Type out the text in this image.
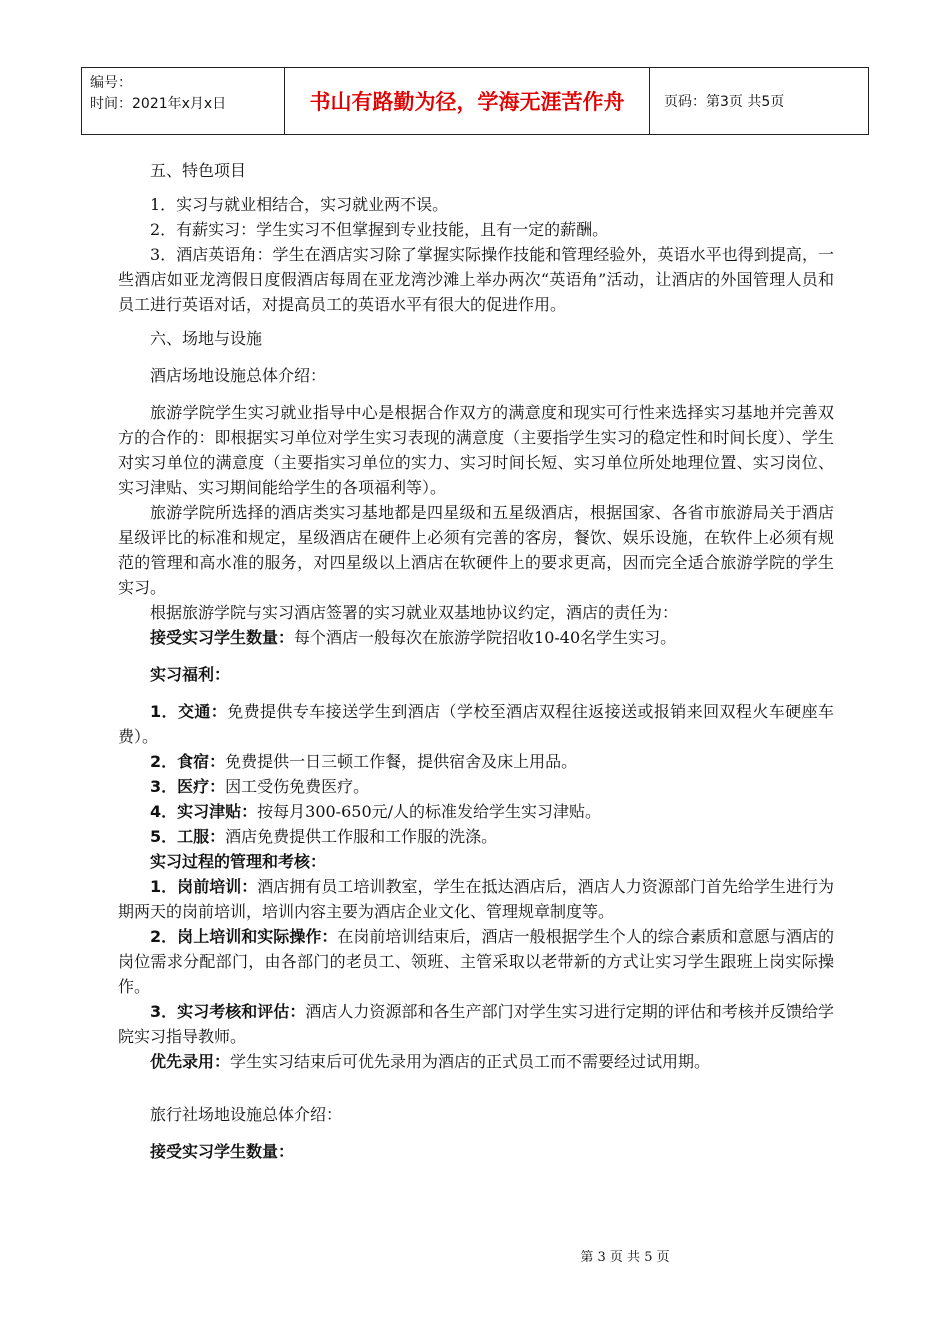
编号：
时间：2021年x月x日	书山有路勤为径，学海无涯苦作舟	页码：第3页 共5页

五、特色项目

1．实习与就业相结合，实习就业两不误。

2．有薪实习：学生实习不但掌握到专业技能，且有一定的薪酬。

3．酒店英语角：学生在酒店实习除了掌握实际操作技能和管理经验外，英语水平也得到提高，一些酒店如亚龙湾假日度假酒店每周在亚龙湾沙滩上举办两次“英语角”活动，让酒店的外国管理人员和员工进行英语对话，对提高员工的英语水平有很大的促进作用。

六、场地与设施

酒店场地设施总体介绍：

旅游学院学生实习就业指导中心是根据合作双方的满意度和现实可行性来选择实习基地并完善双方的合作的：即根据实习单位对学生实习表现的满意度（主要指学生实习的稳定性和时间长度）、学生对实习单位的满意度（主要指实习单位的实力、实习时间长短、实习单位所处地理位置、实习岗位、实习津贴、实习期间能给学生的各项福利等）。

旅游学院所选择的酒店类实习基地都是四星级和五星级酒店，根据国家、各省市旅游局关于酒店星级评比的标准和规定，星级酒店在硬件上必须有完善的客房，餐饮、娱乐设施，在软件上必须有规范的管理和高水准的服务，对四星级以上酒店在软硬件上的要求更高，因而完全适合旅游学院的学生实习。

根据旅游学院与实习酒店签署的实习就业双基地协议约定，酒店的责任为：

接受实习学生数量：每个酒店一般每次在旅游学院招收10-40名学生实习。

实习福利：

1．交通：免费提供专车接送学生到酒店（学校至酒店双程往返接送或报销来回双程火车硬座车费）。

2．食宿：免费提供一日三顿工作餐，提供宿舍及床上用品。

3．医疗：因工受伤免费医疗。

4．实习津贴：按每月300-650元/人的标准发给学生实习津贴。

5．工服：酒店免费提供工作服和工作服的洗涤。

实习过程的管理和考核：

1．岗前培训：酒店拥有员工培训教室，学生在抵达酒店后，酒店人力资源部门首先给学生进行为期两天的岗前培训，培训内容主要为酒店企业文化、管理规章制度等。

2．岗上培训和实际操作：在岗前培训结束后，酒店一般根据学生个人的综合素质和意愿与酒店的岗位需求分配部门，由各部门的老员工、领班、主管采取以老带新的方式让实习学生跟班上岗实际操作。

3．实习考核和评估：酒店人力资源部和各生产部门对学生实习进行定期的评估和考核并反馈给学院实习指导教师。

优先录用：学生实习结束后可优先录用为酒店的正式员工而不需要经过试用期。

旅行社场地设施总体介绍：

接受实习学生数量：

第 3 页 共 5 页
